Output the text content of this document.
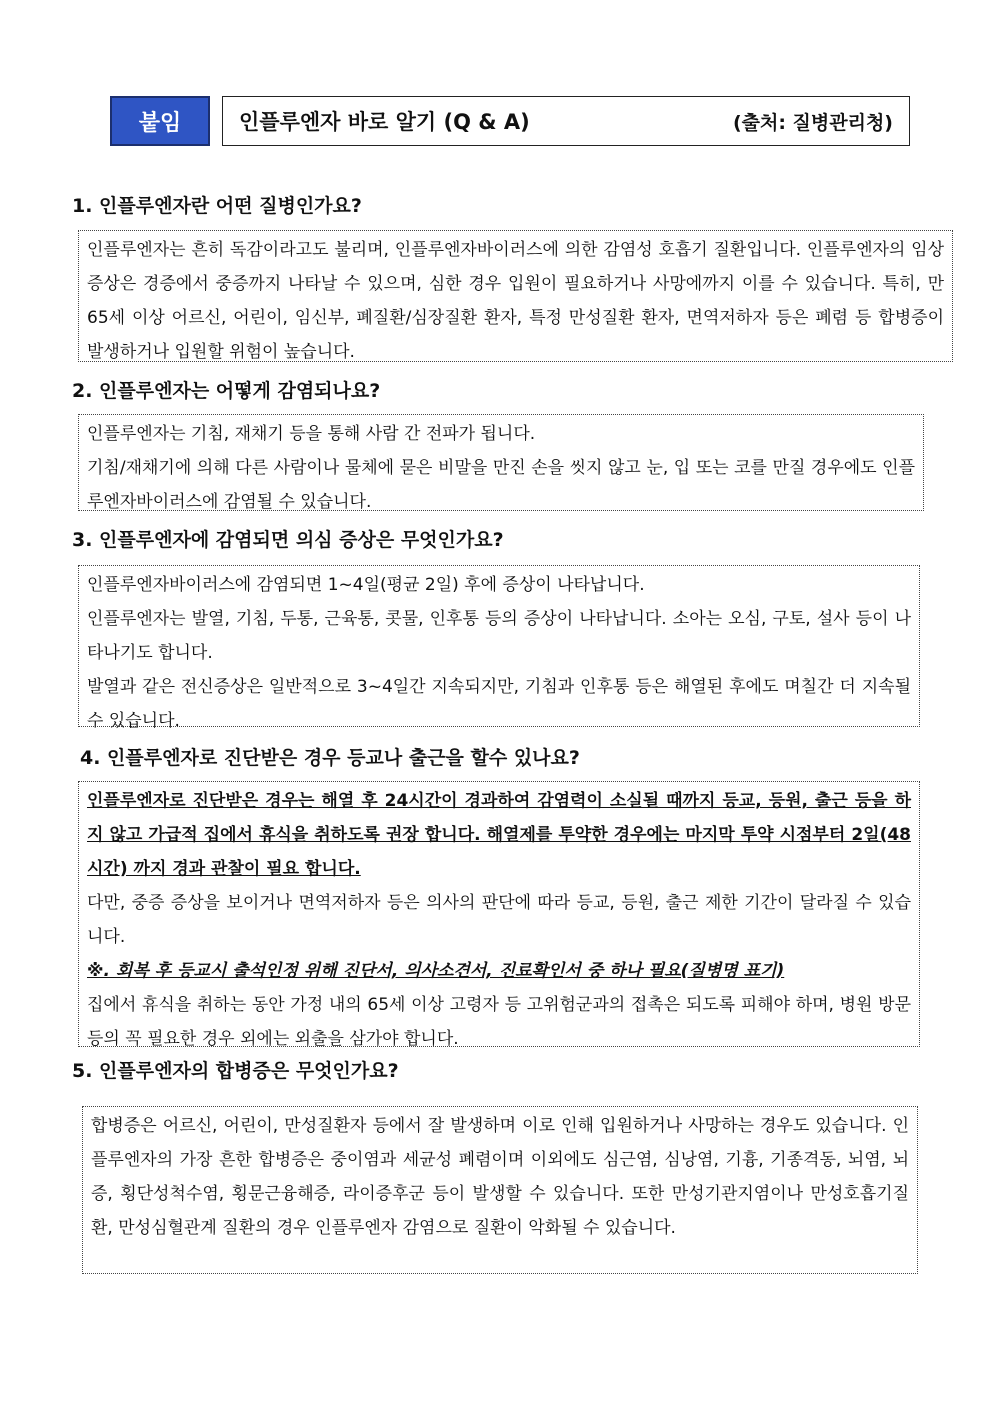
붙임	인플루엔자 바로 알기 (Q & A)	(출처: 질병관리청)
1. 인플루엔자란 어떤 질병인가요?

인플루엔자는 흔히 독감이라고도 불리며, 인플루엔자바이러스에 의한 감염성 호흡기 질환입니다. 인플루엔자의 임상증상은 경증에서 중증까지 나타날 수 있으며, 심한 경우 입원이 필요하거나 사망에까지 이를 수 있습니다. 특히, 만 65세 이상 어르신, 어린이, 임신부, 폐질환/심장질환 환자, 특정 만성질환 환자, 면역저하자 등은 폐렴 등 합병증이 발생하거나 입원할 위험이 높습니다.

2. 인플루엔자는 어떻게 감염되나요?

인플루엔자는 기침, 재채기 등을 통해 사람 간 전파가 됩니다.

기침/재채기에 의해 다른 사람이나 물체에 묻은 비말을 만진 손을 씻지 않고 눈, 입 또는 코를 만질 경우에도 인플루엔자바이러스에 감염될 수 있습니다.

3. 인플루엔자에 감염되면 의심 증상은 무엇인가요?

인플루엔자바이러스에 감염되면 1~4일(평균 2일) 후에 증상이 나타납니다.

인플루엔자는 발열, 기침, 두통, 근육통, 콧물, 인후통 등의 증상이 나타납니다. 소아는 오심, 구토, 설사 등이 나타나기도 합니다.

발열과 같은 전신증상은 일반적으로 3~4일간 지속되지만, 기침과 인후통 등은 해열된 후에도 며칠간 더 지속될 수 있습니다.

4. 인플루엔자로 진단받은 경우 등교나 출근을 할수 있나요?

인플루엔자로 진단받은 경우는 해열 후 24시간이 경과하여 감염력이 소실될 때까지 등교, 등원, 출근 등을 하지 않고 가급적 집에서 휴식을 취하도록 권장 합니다. 해열제를 투약한 경우에는 마지막 투약 시점부터 2일(48시간) 까지 경과 관찰이 필요 합니다.

다만, 중증 증상을 보이거나 면역저하자 등은 의사의 판단에 따라 등교, 등원, 출근 제한 기간이 달라질 수 있습니다.

※. 회복 후 등교시 출석인정 위해 진단서, 의사소견서, 진료확인서 중 하나 필요(질병명 표기)

집에서 휴식을 취하는 동안 가정 내의 65세 이상 고령자 등 고위험군과의 접촉은 되도록 피해야 하며, 병원 방문 등의 꼭 필요한 경우 외에는 외출을 삼가야 합니다.

5. 인플루엔자의 합병증은 무엇인가요?

합병증은 어르신, 어린이, 만성질환자 등에서 잘 발생하며 이로 인해 입원하거나 사망하는 경우도 있습니다. 인플루엔자의 가장 흔한 합병증은 중이염과 세균성 폐렴이며 이외에도 심근염, 심낭염, 기흉, 기종격동, 뇌염, 뇌증, 횡단성척수염, 횡문근융해증, 라이증후군 등이 발생할 수 있습니다. 또한 만성기관지염이나 만성호흡기질환, 만성심혈관계 질환의 경우 인플루엔자 감염으로 질환이 악화될 수 있습니다.
